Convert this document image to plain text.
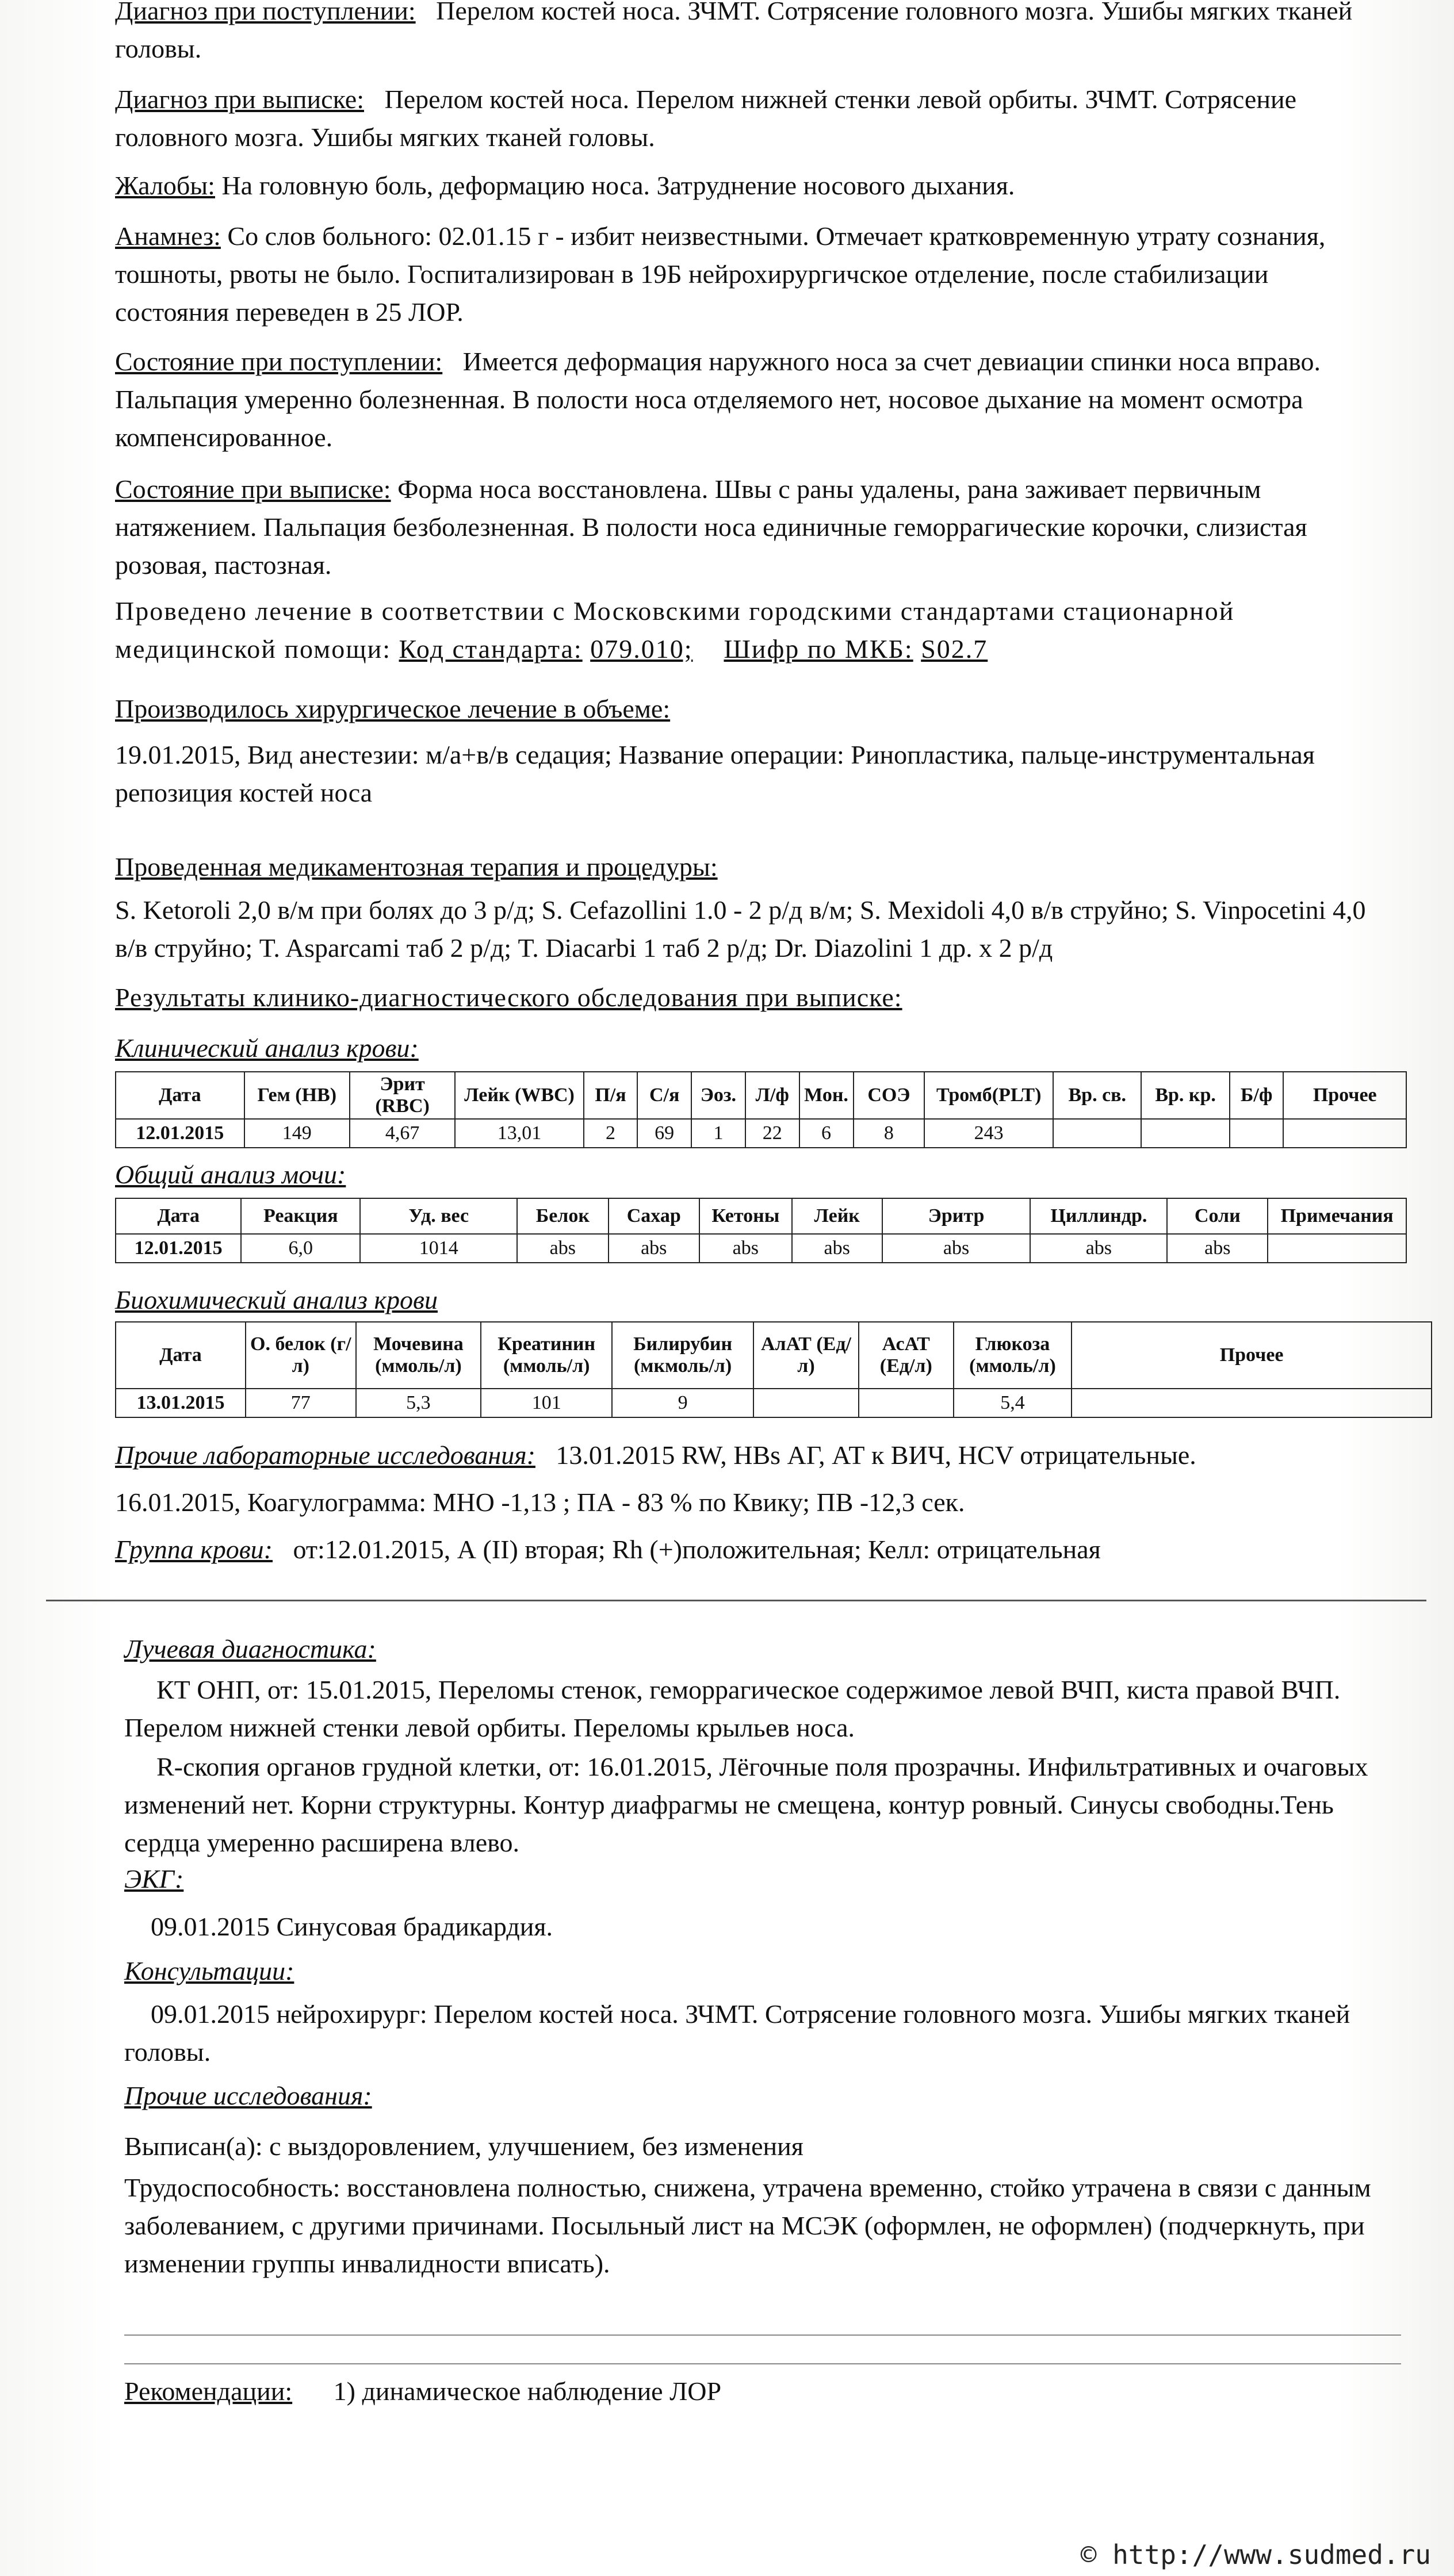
Диагноз при поступлении: Перелом костей носа. ЗЧМТ. Сотрясение головного мозга. Ушибы мягких тканей головы.

Диагноз при выписке: Перелом костей носа. Перелом нижней стенки левой орбиты. ЗЧМТ. Сотрясение головного мозга. Ушибы мягких тканей головы.

Жалобы: На головную боль, деформацию носа. Затруднение носового дыхания.

Анамнез: Со слов больного: 02.01.15 г - избит неизвестными. Отмечает кратковременную утрату сознания, тошноты, рвоты не было. Госпитализирован в 19Б нейрохирургичское отделение, после стабилизации состояния переведен в 25 ЛОР.

Состояние при поступлении: Имеется деформация наружного носа за счет девиации спинки носа вправо. Пальпация умеренно болезненная. В полости носа отделяемого нет, носовое дыхание на момент осмотра компенсированное.

Состояние при выписке: Форма носа восстановлена. Швы с раны удалены, рана заживает первичным натяжением. Пальпация безболезненная. В полости носа единичные геморрагические корочки, слизистая розовая, пастозная.

Проведено лечение в соответствии с Московскими городскими стандартами стационарной медицинской помощи: Код стандарта: 079.010; Шифр по МКБ: S02.7

Производилось хирургическое лечение в объеме:

19.01.2015, Вид анестезии: м/а+в/в седация; Название операции: Ринопластика, пальце-инструментальная репозиция костей носа

Проведенная медикаментозная терапия и процедуры:

S. Ketoroli 2,0 в/м при болях до 3 р/д; S. Cefazollini 1.0 - 2 р/д в/м; S. Mexidoli 4,0 в/в струйно; S. Vinpocetini 4,0 в/в струйно; T. Asparcami таб 2 р/д; T. Diacarbi 1 таб 2 р/д; Dr. Diazolini 1 др. х 2 р/д

Результаты клинико-диагностического обследования при выписке:

Клинический анализ крови:

Дата	Гем (HB)	Эрит (RBC)	Лейк (WBC)	П/я	С/я	Эоз.	Л/ф	Мон.	СОЭ	Тромб(PLT)	Вр. св.	Вр. кр.	Б/ф	Прочее
12.01.2015	149	4,67	13,01	2	69	1	22	6	8	243				

Общий анализ мочи:

Дата	Реакция	Уд. вес	Белок	Сахар	Кетоны	Лейк	Эритр	Циллиндр.	Соли	Примечания
12.01.2015	6,0	1014	abs	abs	abs	abs	abs	abs	abs	

Биохимический анализ крови

Дата	О. белок (г/л)	Мочевина (ммоль/л)	Креатинин (ммоль/л)	Билирубин (мкмоль/л)	АлАТ (Ед/л)	АсАТ (Ед/л)	Глюкоза (ммоль/л)	Прочее
13.01.2015	77	5,3	101	9			5,4	

Прочие лабораторные исследования: 13.01.2015 RW, HBs АГ, АТ к ВИЧ, HCV отрицательные.

16.01.2015, Коагулограмма: МНО -1,13 ; ПА - 83 % по Квику; ПВ -12,3 сек.

Группа крови: от:12.01.2015, А (II) вторая; Rh (+)положительная; Келл: отрицательная

Лучевая диагностика:

КТ ОНП, от: 15.01.2015, Переломы стенок, геморрагическое содержимое левой ВЧП, киста правой ВЧП. Перелом нижней стенки левой орбиты. Переломы крыльев носа.

R-скопия органов грудной клетки, от: 16.01.2015, Лёгочные поля прозрачны. Инфильтративных и очаговых изменений нет. Корни структурны. Контур диафрагмы не смещена, контур ровный. Синусы свободны.Тень сердца умеренно расширена влево.

ЭКГ:

09.01.2015 Синусовая брадикардия.

Консультации:

09.01.2015 нейрохирург: Перелом костей носа. ЗЧМТ. Сотрясение головного мозга. Ушибы мягких тканей головы.

Прочие исследования:

Выписан(а): с выздоровлением, улучшением, без изменения

Трудоспособность: восстановлена полностью, снижена, утрачена временно, стойко утрачена в связи с данным заболеванием, с другими причинами. Посыльный лист на МСЭК (оформлен, не оформлен) (подчеркнуть, при изменении группы инвалидности вписать).

Рекомендации: 1) динамическое наблюдение ЛОР

© http://www.sudmed.ru
